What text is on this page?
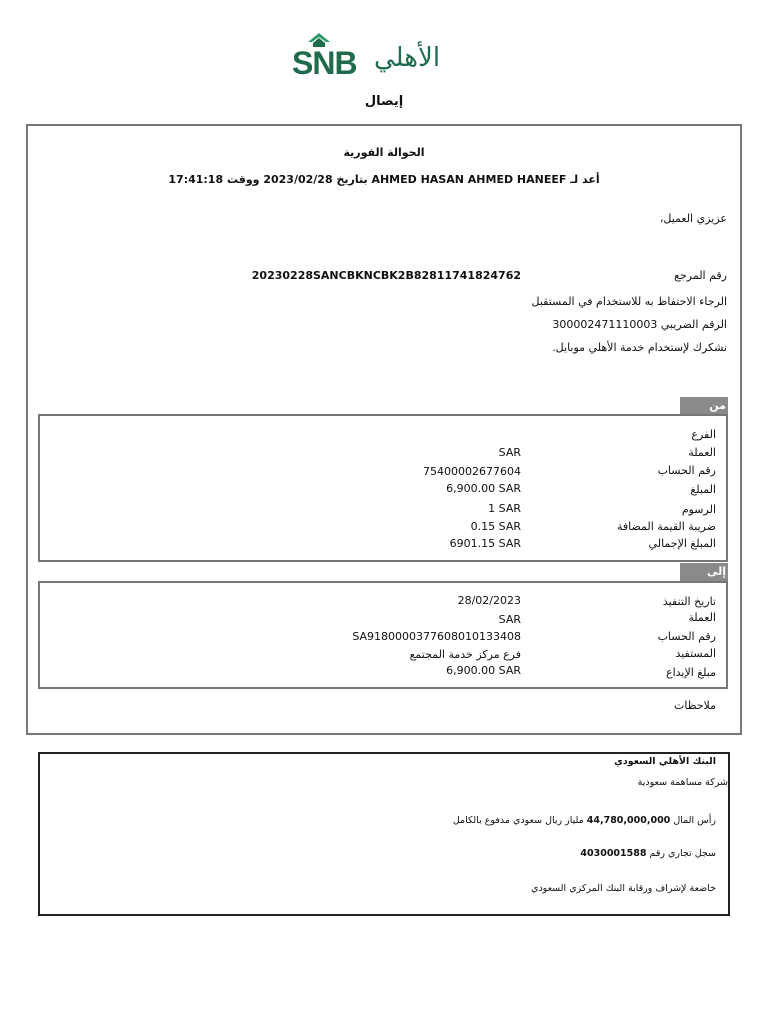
SNB الأهلي
إيصال
الحوالة الفورية
أعد لـ AHMED HASAN AHMED HANEEF بتاريخ 2023/02/28 ووقت 17:41:18
عزيزي العميل،
رقم المرجع
20230228SANCBKNCBK2B82811741824762
الرجاء الاحتفاظ به للاستخدام في المستقبل
الرقم الضريبي 300002471110003
نشكرك لإستخدام خدمة الأهلي موبايل.
من
الفرع
العملة
SAR
رقم الحساب
75400002677604
المبلغ
6,900.00 SAR
الرسوم
1 SAR
ضريبة القيمة المضافة
0.15 SAR
المبلغ الإجمالي
6901.15 SAR
إلى
تاريخ التنفيذ
28/02/2023
العملة
SAR
رقم الحساب
SA9180000377608010133408
المستفيد
فرع مركز خدمة المجتمع
مبلغ الإيداع
6,900.00 SAR
ملاحظات
البنك الأهلي السعودي
شركة مساهمة سعودية
رأس المال 44,780,000,000 مليار ريال سعودي مدفوع بالكامل
سجل تجاري رقم 4030001588
خاضعة لإشراف ورقابة البنك المركزي السعودي
